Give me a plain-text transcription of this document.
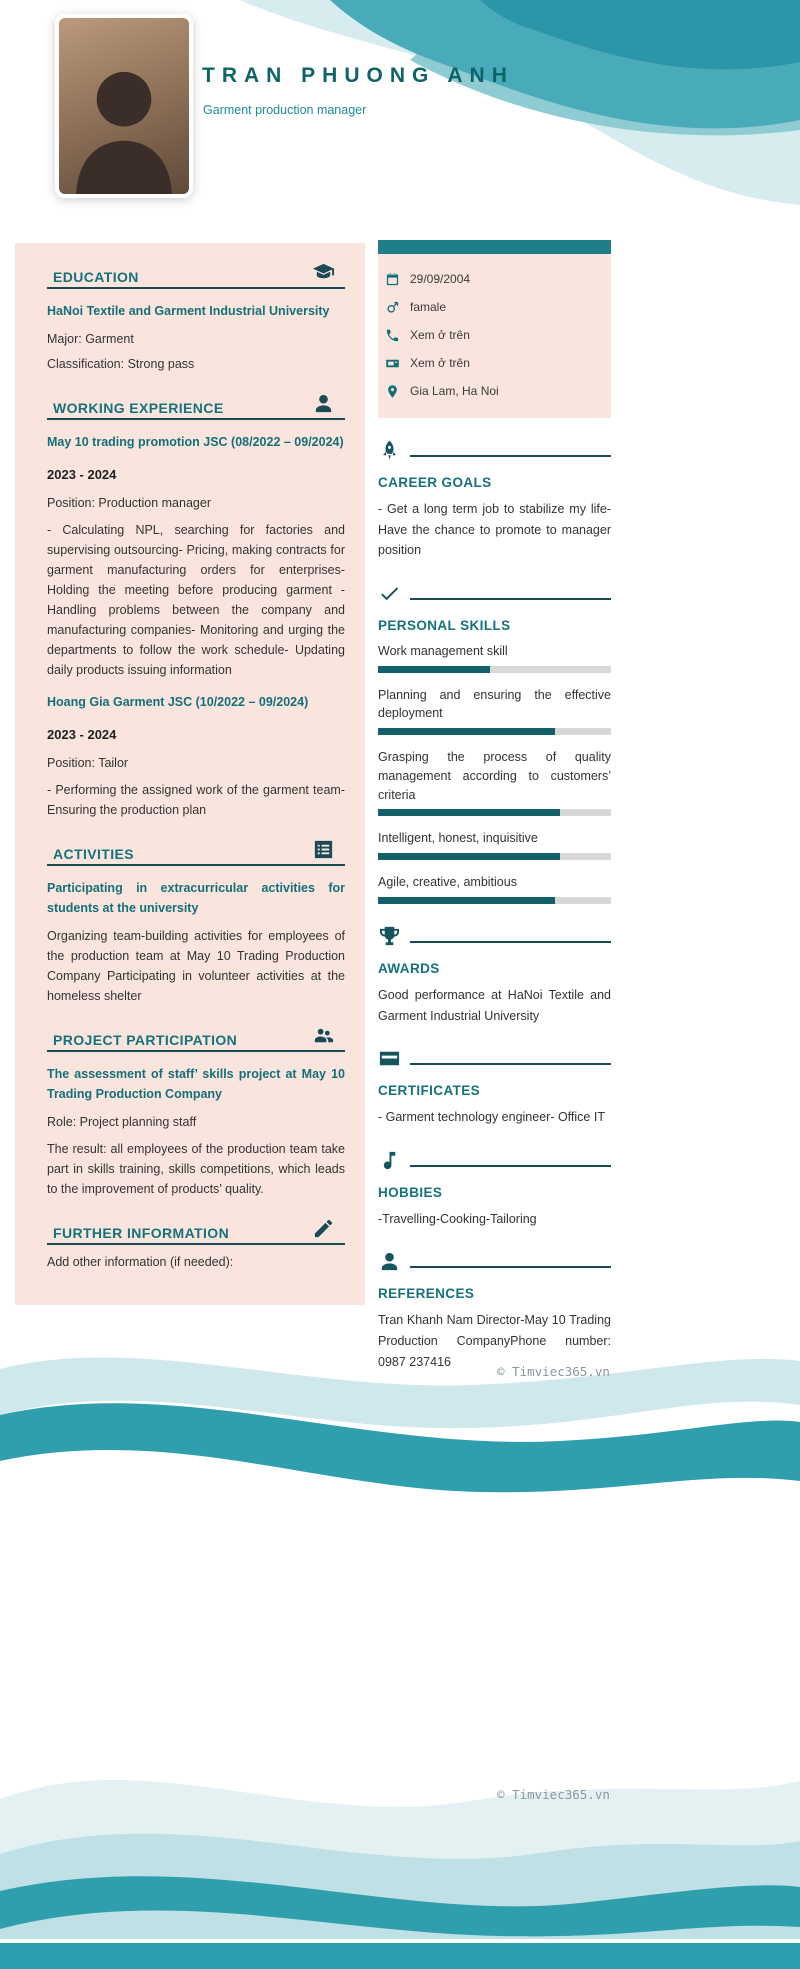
TRAN PHUONG ANH
Garment production manager
EDUCATION

HaNoi Textile and Garment Industrial University

Major: Garment

Classification: Strong pass

WORKING EXPERIENCE

May 10 trading promotion JSC (08/2022 – 09/2024)

2023 - 2024

Position: Production manager

- Calculating NPL, searching for factories and supervising outsourcing- Pricing, making contracts for garment manufacturing orders for enterprises- Holding the meeting before producing garment - Handling problems between the company and manufacturing companies- Monitoring and urging the departments to follow the work schedule- Updating daily products issuing information

Hoang Gia Garment JSC (10/2022 – 09/2024)

2023 - 2024

Position: Tailor

- Performing the assigned work of the garment team- Ensuring the production plan

ACTIVITIES

Participating in extracurricular activities for students at the university

Organizing team-building activities for employees of the production team at May 10 Trading Production Company Participating in volunteer activities at the homeless shelter

PROJECT PARTICIPATION

The assessment of staff’ skills project at May 10 Trading Production Company

Role: Project planning staff

The result: all employees of the production team take part in skills training, skills competitions, which leads to the improvement of products’ quality.

FURTHER INFORMATION

Add other information (if needed):

29/09/2004
famale
Xem ở trên
Xem ở trên
Gia Lam, Ha Noi
CAREER GOALS

- Get a long term job to stabilize my life- Have the chance to promote to manager position

PERSONAL SKILLS
Work management skill
Planning and ensuring the effective deployment
Grasping the process of quality management according to customers’ criteria
Intelligent, honest, inquisitive
Agile, creative, ambitious
AWARDS

Good performance at HaNoi Textile and Garment Industrial University

CERTIFICATES

- Garment technology engineer- Office IT

HOBBIES

-Travelling-Cooking-Tailoring

REFERENCES

Tran Khanh Nam Director-May 10 Trading Production CompanyPhone number: 0987 237416

© Timviec365.vn
© Timviec365.vn
